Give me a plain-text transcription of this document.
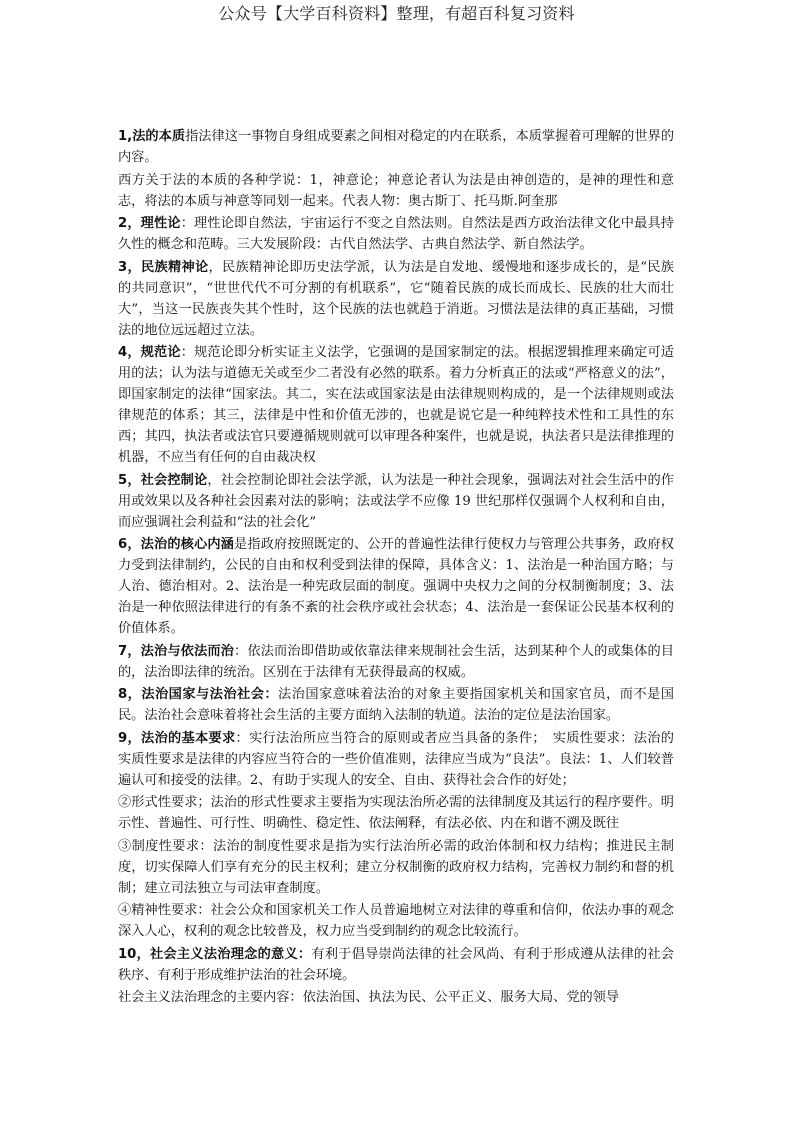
公众号【大学百科资料】整理，有超百科复习资料

1,法的本质指法律这一事物自身组成要素之间相对稳定的内在联系，本质掌握着可理解的世界的内容。

西方关于法的本质的各种学说：1，神意论；神意论者认为法是由神创造的，是神的理性和意志，将法的本质与神意等同划一起来。代表人物：奥古斯丁、托马斯.阿奎那

2，理性论：理性论即自然法，宇宙运行不变之自然法则。自然法是西方政治法律文化中最具持久性的概念和范畴。三大发展阶段：古代自然法学、古典自然法学、新自然法学。

3，民族精神论，民族精神论即历史法学派，认为法是自发地、缓慢地和逐步成长的，是“民族的共同意识”，“世世代代不可分割的有机联系”，它“随着民族的成长而成长、民族的壮大而壮大”，当这一民族丧失其个性时，这个民族的法也就趋于消逝。习惯法是法律的真正基础，习惯法的地位远远超过立法。

4，规范论：规范论即分析实证主义法学，它强调的是国家制定的法。根据逻辑推理来确定可适用的法；认为法与道德无关或至少二者没有必然的联系。着力分析真正的法或“严格意义的法”，即国家制定的法律“国家法。其二，实在法或国家法是由法律规则构成的，是一个法律规则或法律规范的体系；其三，法律是中性和价值无涉的，也就是说它是一种纯粹技术性和工具性的东西；其四，执法者或法官只要遵循规则就可以审理各种案件，也就是说，执法者只是法律推理的机器，不应当有任何的自由裁决权

5，社会控制论，社会控制论即社会法学派，认为法是一种社会现象，强调法对社会生活中的作用或效果以及各种社会因素对法的影响；法或法学不应像 19 世纪那样仅强调个人权利和自由，而应强调社会利益和“法的社会化”

6，法治的核心内涵是指政府按照既定的、公开的普遍性法律行使权力与管理公共事务，政府权力受到法律制约，公民的自由和权利受到法律的保障，具体含义：1、法治是一种治国方略；与人治、德治相对。2、法治是一种宪政层面的制度。强调中央权力之间的分权制衡制度；3、法治是一种依照法律进行的有条不紊的社会秩序或社会状态；4、法治是一套保证公民基本权利的价值体系。

7，法治与依法而治：依法而治即借助或依靠法律来规制社会生活，达到某种个人的或集体的目的，法治即法律的统治。区别在于法律有无获得最高的权威。

8，法治国家与法治社会：法治国家意味着法治的对象主要指国家机关和国家官员，而不是国民。法治社会意味着将社会生活的主要方面纳入法制的轨道。法治的定位是法治国家。

9，法治的基本要求：实行法治所应当符合的原则或者应当具备的条件；　实质性要求：法治的实质性要求是法律的内容应当符合的一些价值准则，法律应当成为“良法”。良法：1、人们较普遍认可和接受的法律。2、有助于实现人的安全、自由、获得社会合作的好处；

②形式性要求；法治的形式性要求主要指为实现法治所必需的法律制度及其运行的程序要件。明示性、普遍性、可行性、明确性、稳定性、依法阐释，有法必依、内在和谐不溯及既往

③制度性要求：法治的制度性要求是指为实行法治所必需的政治体制和权力结构；推进民主制度，切实保障人们享有充分的民主权利；建立分权制衡的政府权力结构，完善权力制约和督的机制；建立司法独立与司法审查制度。

④精神性要求：社会公众和国家机关工作人员普遍地树立对法律的尊重和信仰，依法办事的观念深入人心，权利的观念比较普及，权力应当受到制约的观念比较流行。

10，社会主义法治理念的意义：有利于倡导崇尚法律的社会风尚、有利于形成遵从法律的社会秩序、有利于形成维护法治的社会环境。

社会主义法治理念的主要内容：依法治国、执法为民、公平正义、服务大局、党的领导
